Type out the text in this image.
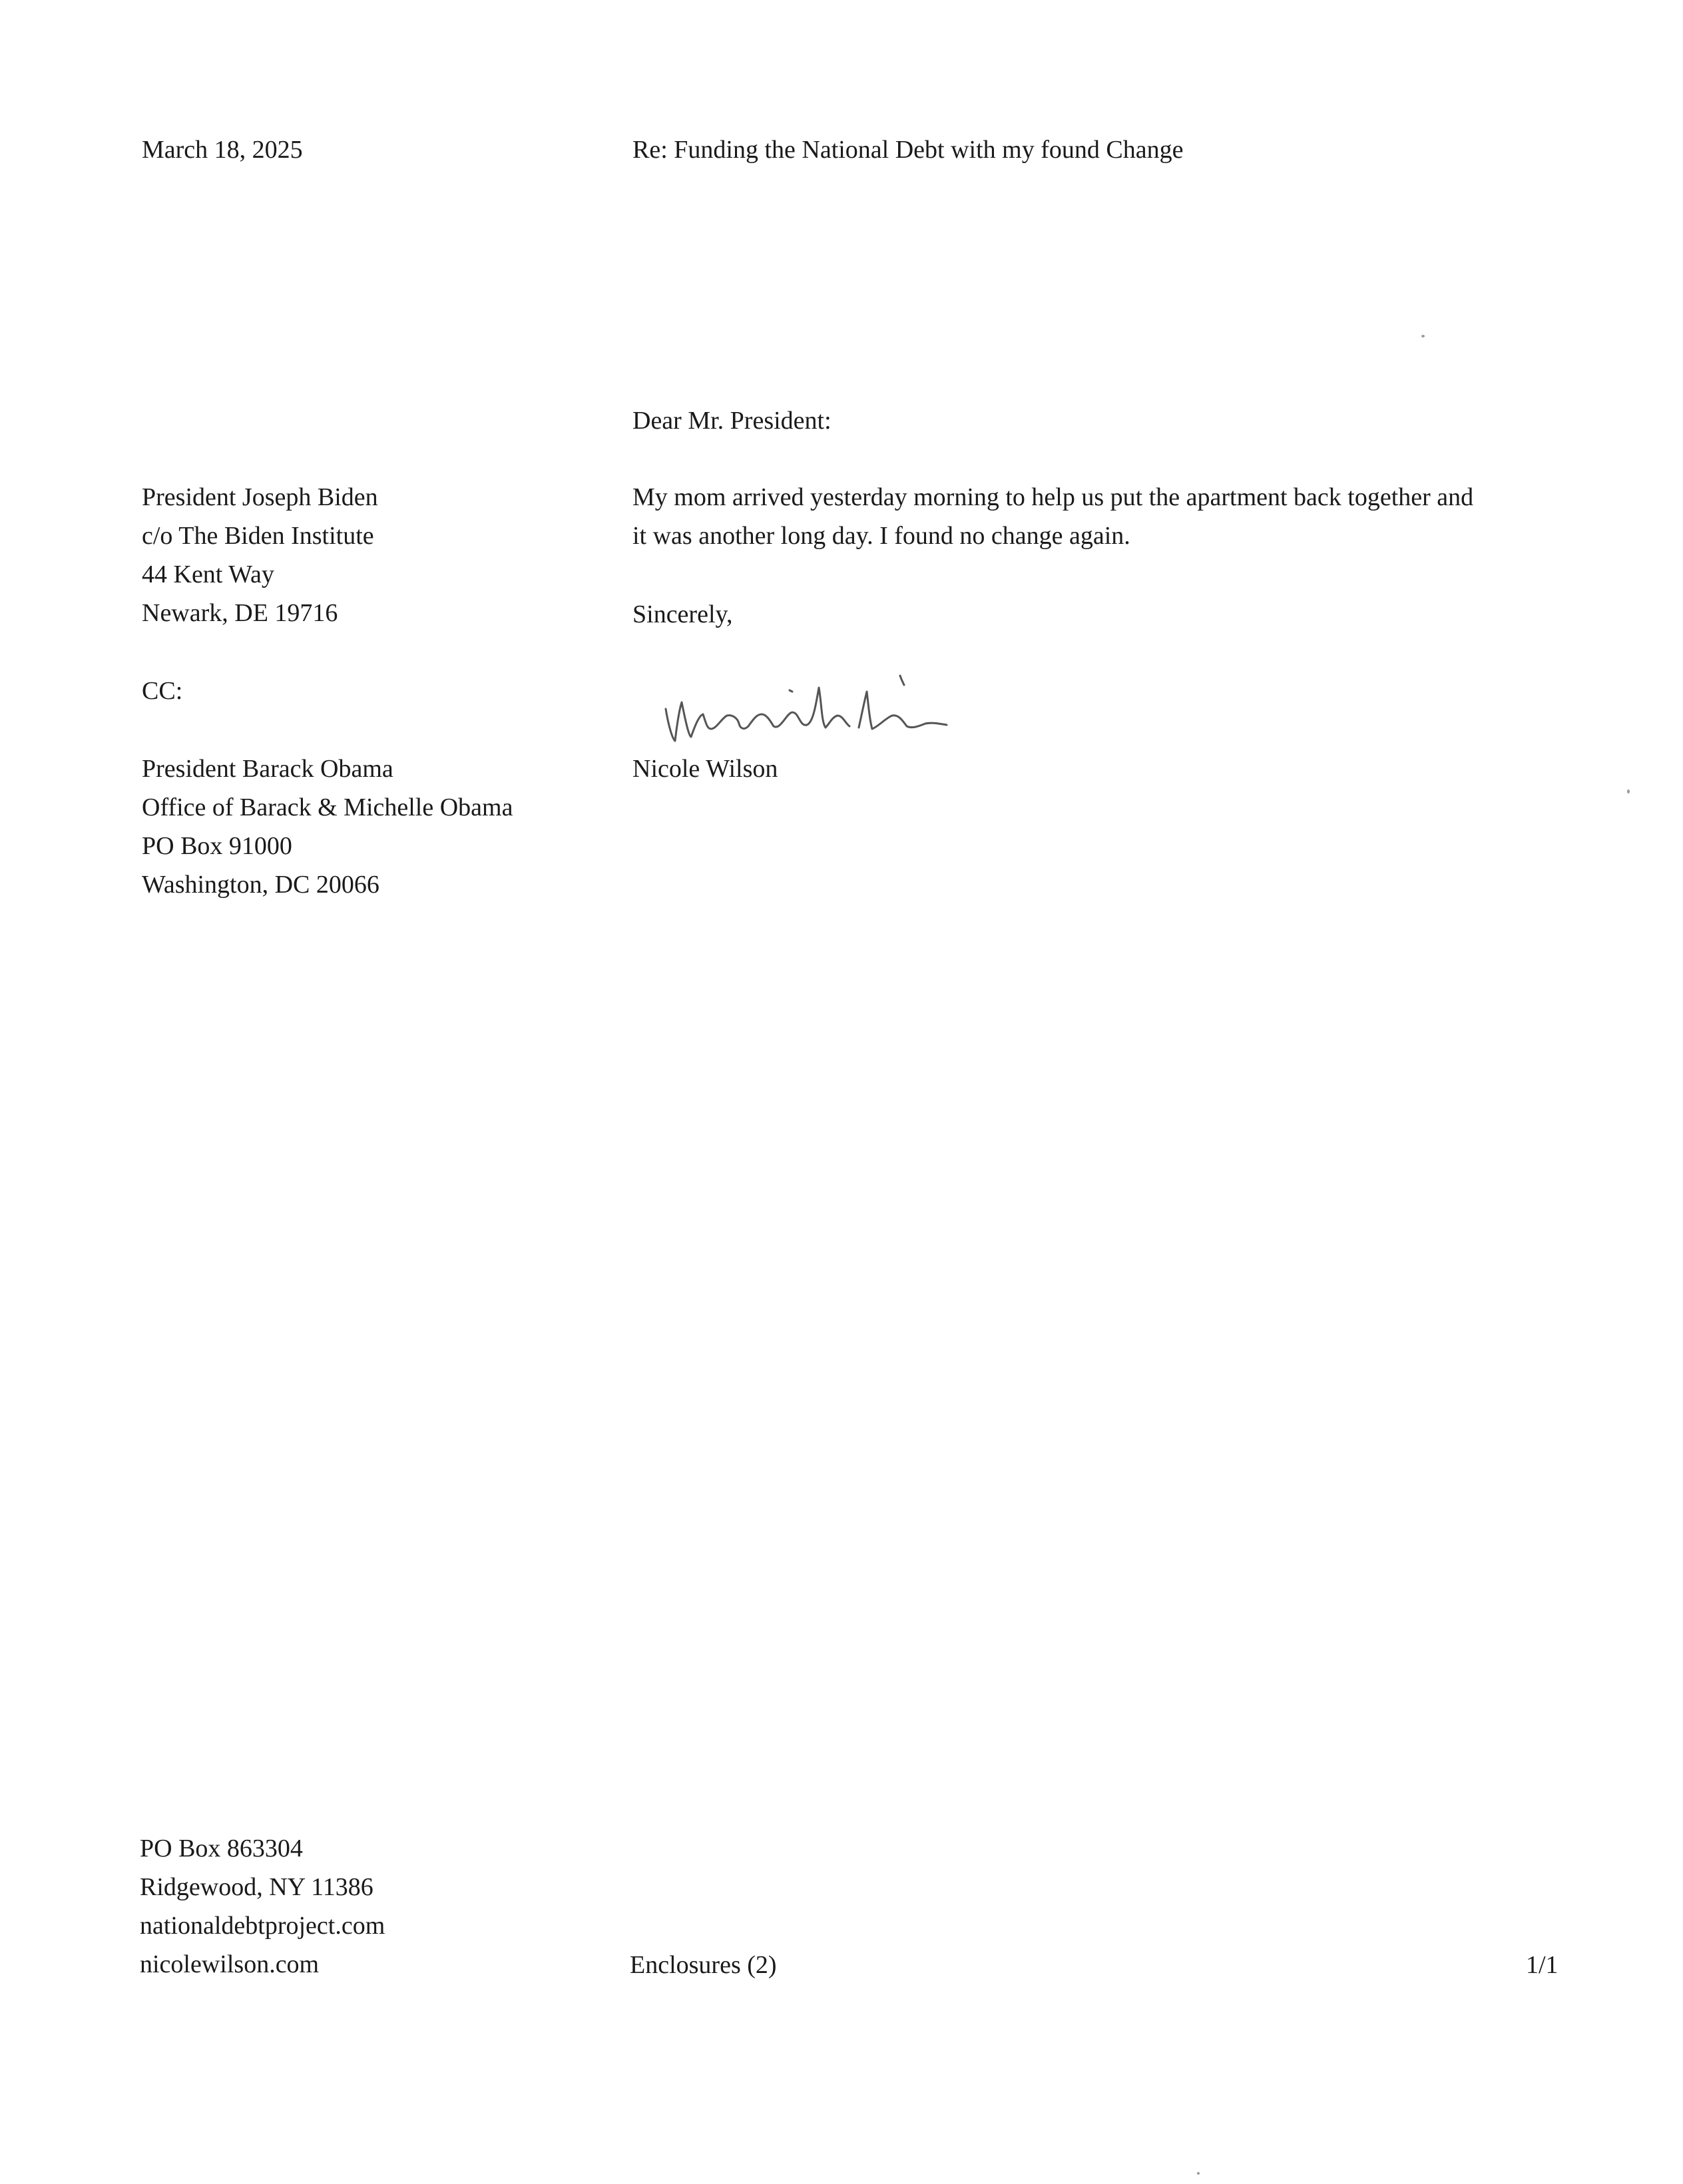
March 18, 2025	Re: Funding the National Debt with my found Change
Dear Mr. President:
President Joseph Biden
c/o The Biden Institute
44 Kent Way
Newark, DE 19716
My mom arrived yesterday morning to help us put the apartment back together and
it was another long day. I found no change again.
Sincerely,
CC:
Nicole Wilson
President Barack Obama
Office of Barack & Michelle Obama
PO Box 91000
Washington, DC 20066
PO Box 863304
Ridgewood, NY 11386
nationaldebtproject.com
nicolewilson.com	Enclosures (2)	1/1
